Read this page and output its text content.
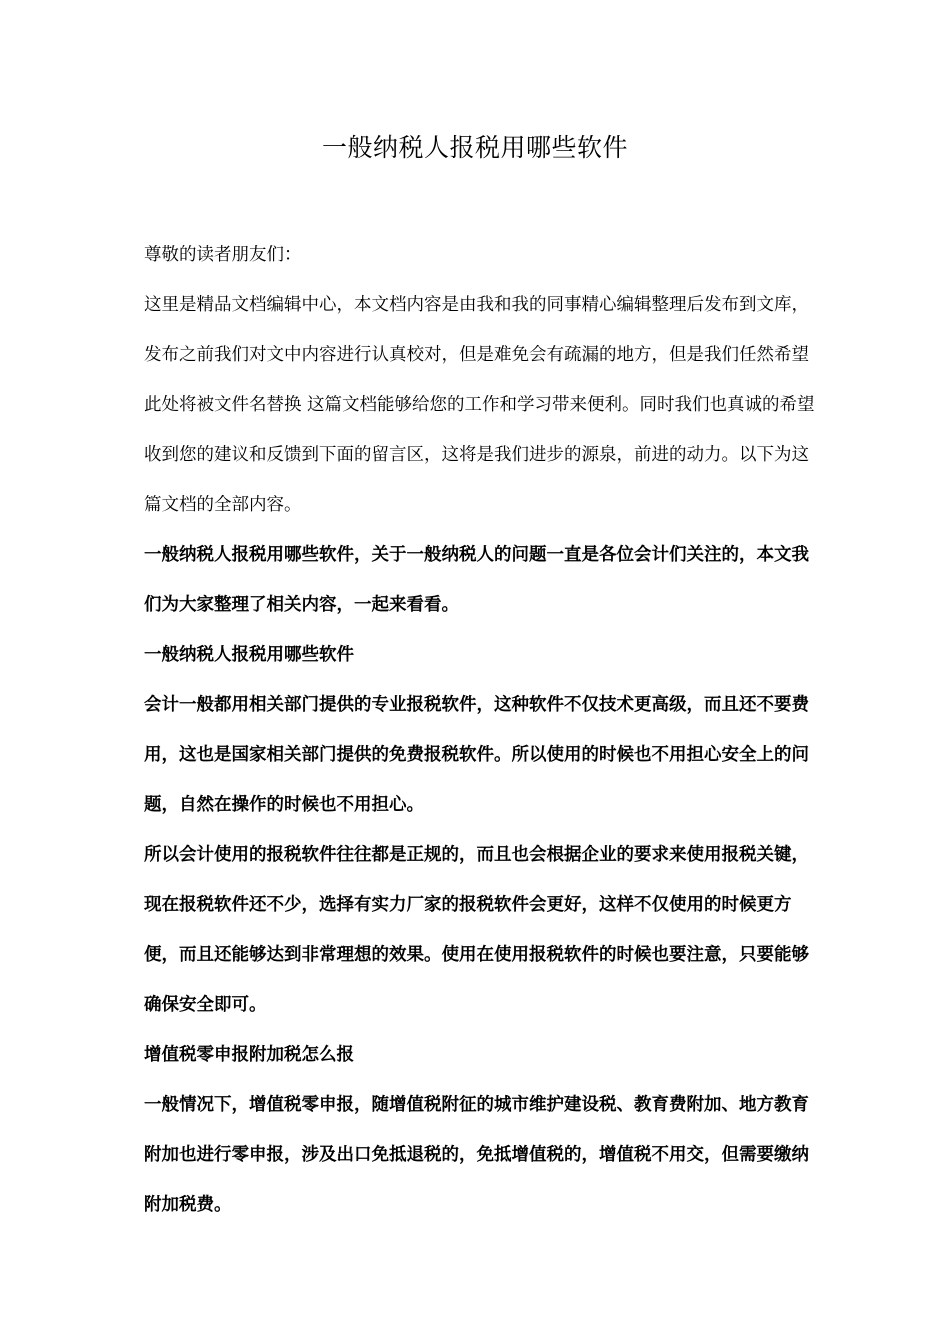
一般纳税人报税用哪些软件

尊敬的读者朋友们：

这里是精品文档编辑中心，本文档内容是由我和我的同事精心编辑整理后发布到文库，发布之前我们对文中内容进行认真校对，但是难免会有疏漏的地方，但是我们任然希望 此处将被文件名替换 这篇文档能够给您的工作和学习带来便利。同时我们也真诚的希望收到您的建议和反馈到下面的留言区，这将是我们进步的源泉，前进的动力。以下为这篇文档的全部内容。

一般纳税人报税用哪些软件，关于一般纳税人的问题一直是各位会计们关注的，本文我们为大家整理了相关内容，一起来看看。

一般纳税人报税用哪些软件

会计一般都用相关部门提供的专业报税软件，这种软件不仅技术更高级，而且还不要费用，这也是国家相关部门提供的免费报税软件。所以使用的时候也不用担心安全上的问题，自然在操作的时候也不用担心。

所以会计使用的报税软件往往都是正规的，而且也会根据企业的要求来使用报税关键，现在报税软件还不少，选择有实力厂家的报税软件会更好，这样不仅使用的时候更方便，而且还能够达到非常理想的效果。使用在使用报税软件的时候也要注意，只要能够确保安全即可。

增值税零申报附加税怎么报

一般情况下，增值税零申报，随增值税附征的城市维护建设税、教育费附加、地方教育附加也进行零申报，涉及出口免抵退税的，免抵增值税的，增值税不用交，但需要缴纳附加税费。
